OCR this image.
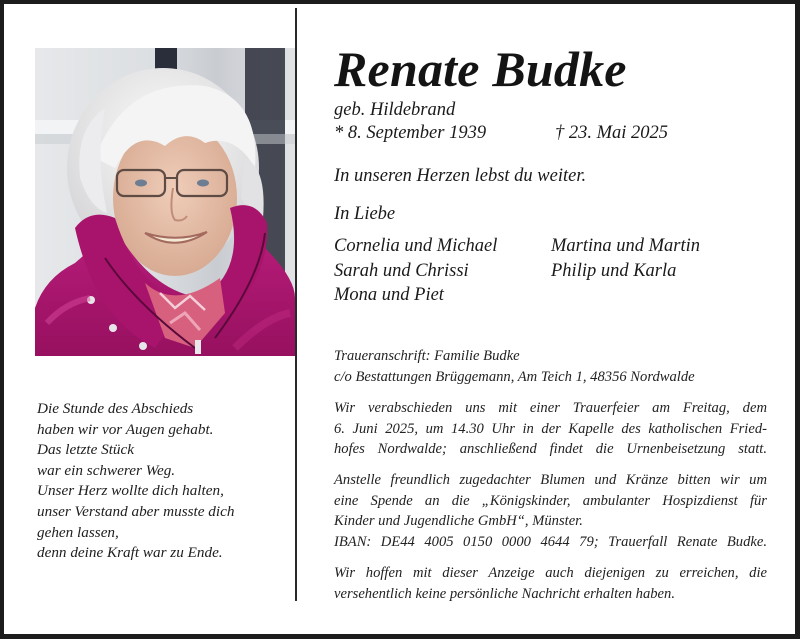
Die Stunde des Abschieds
haben wir vor Augen gehabt.
Das letzte Stück
war ein schwerer Weg.
Unser Herz wollte dich halten,
unser Verstand aber musste dich
gehen lassen,
denn deine Kraft war zu Ende.
Renate Budke
geb. Hildebrand
* 8. September 1939	† 23. Mai 2025
In unseren Herzen lebst du weiter.
In Liebe
Cornelia und Michael
Sarah und Chrissi
Mona und Piet
Martina und Martin
Philip und Karla
Traueranschrift: Familie Budke
c/o Bestattungen Brüggemann, Am Teich 1, 48356 Nordwalde
Wir verabschieden uns mit einer Trauerfeier am Freitag, dem
6. Juni 2025, um 14.30 Uhr in der Kapelle des katholischen Fried-
hofes Nordwalde; anschließend findet die Urnenbeisetzung statt.
Anstelle freundlich zugedachter Blumen und Kränze bitten wir um
eine Spende an die „Königskinder, ambulanter Hospizdienst für
Kinder und Jugendliche GmbH“, Münster.
IBAN: DE44 4005 0150 0000 4644 79; Trauerfall Renate Budke.
Wir hoffen mit dieser Anzeige auch diejenigen zu erreichen, die
versehentlich keine persönliche Nachricht erhalten haben.
